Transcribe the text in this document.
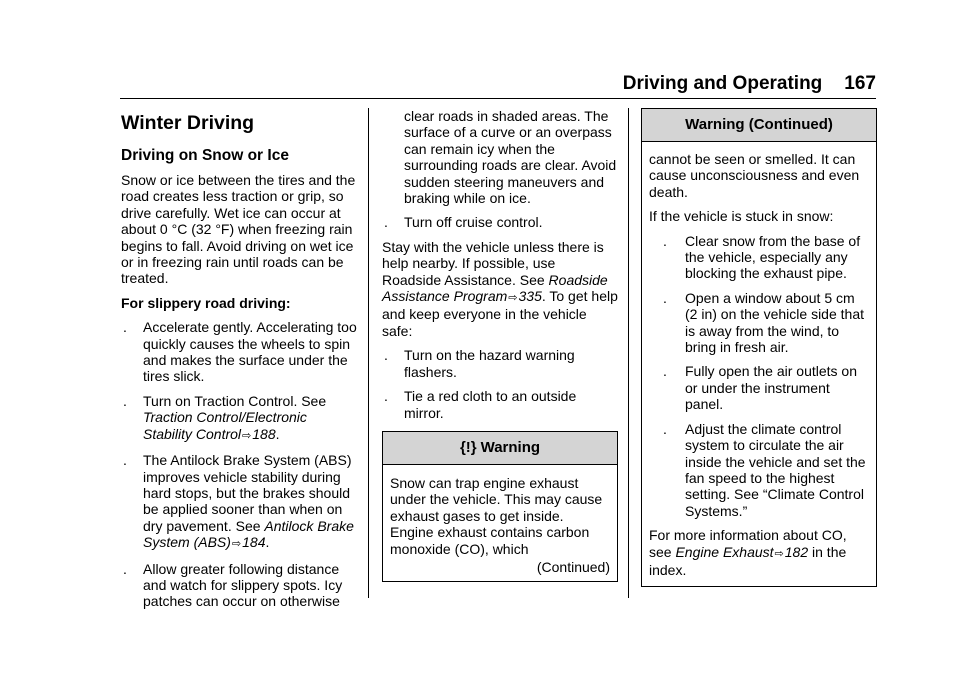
Driving and Operating 167
Winter Driving
Driving on Snow or Ice

Snow or ice between the tires and the road creates less traction or grip, so drive carefully. Wet ice can occur at about 0 °C (32 °F) when freezing rain begins to fall. Avoid driving on wet ice or in freezing rain until roads can be treated.

For slippery road driving:

. Accelerate gently. Accelerating too quickly causes the wheels to spin and makes the surface under the tires slick.
. Turn on Traction Control. See Traction Control/Electronic Stability Control⇨188.
. The Antilock Brake System (ABS) improves vehicle stability during hard stops, but the brakes should be applied sooner than when on dry pavement. See Antilock Brake System (ABS)⇨184.
. Allow greater following distance and watch for slippery spots. Icy patches can occur on otherwise
clear roads in shaded areas. The surface of a curve or an overpass can remain icy when the surrounding roads are clear. Avoid sudden steering maneuvers and braking while on ice.
. Turn off cruise control.

Stay with the vehicle unless there is help nearby. If possible, use Roadside Assistance. See Roadside Assistance Program⇨335. To get help and keep everyone in the vehicle safe:

. Turn on the hazard warning flashers.
. Tie a red cloth to an outside mirror.
{!} Warning

Snow can trap engine exhaust under the vehicle. This may cause exhaust gases to get inside. Engine exhaust contains carbon monoxide (CO), which

(Continued)
Warning (Continued)

cannot be seen or smelled. It can cause unconsciousness and even death.

If the vehicle is stuck in snow:

. Clear snow from the base of the vehicle, especially any blocking the exhaust pipe.
. Open a window about 5 cm (2 in) on the vehicle side that is away from the wind, to bring in fresh air.
. Fully open the air outlets on or under the instrument panel.
. Adjust the climate control system to circulate the air inside the vehicle and set the fan speed to the highest setting. See “Climate Control Systems.”

For more information about CO, see Engine Exhaust⇨182 in the index.
